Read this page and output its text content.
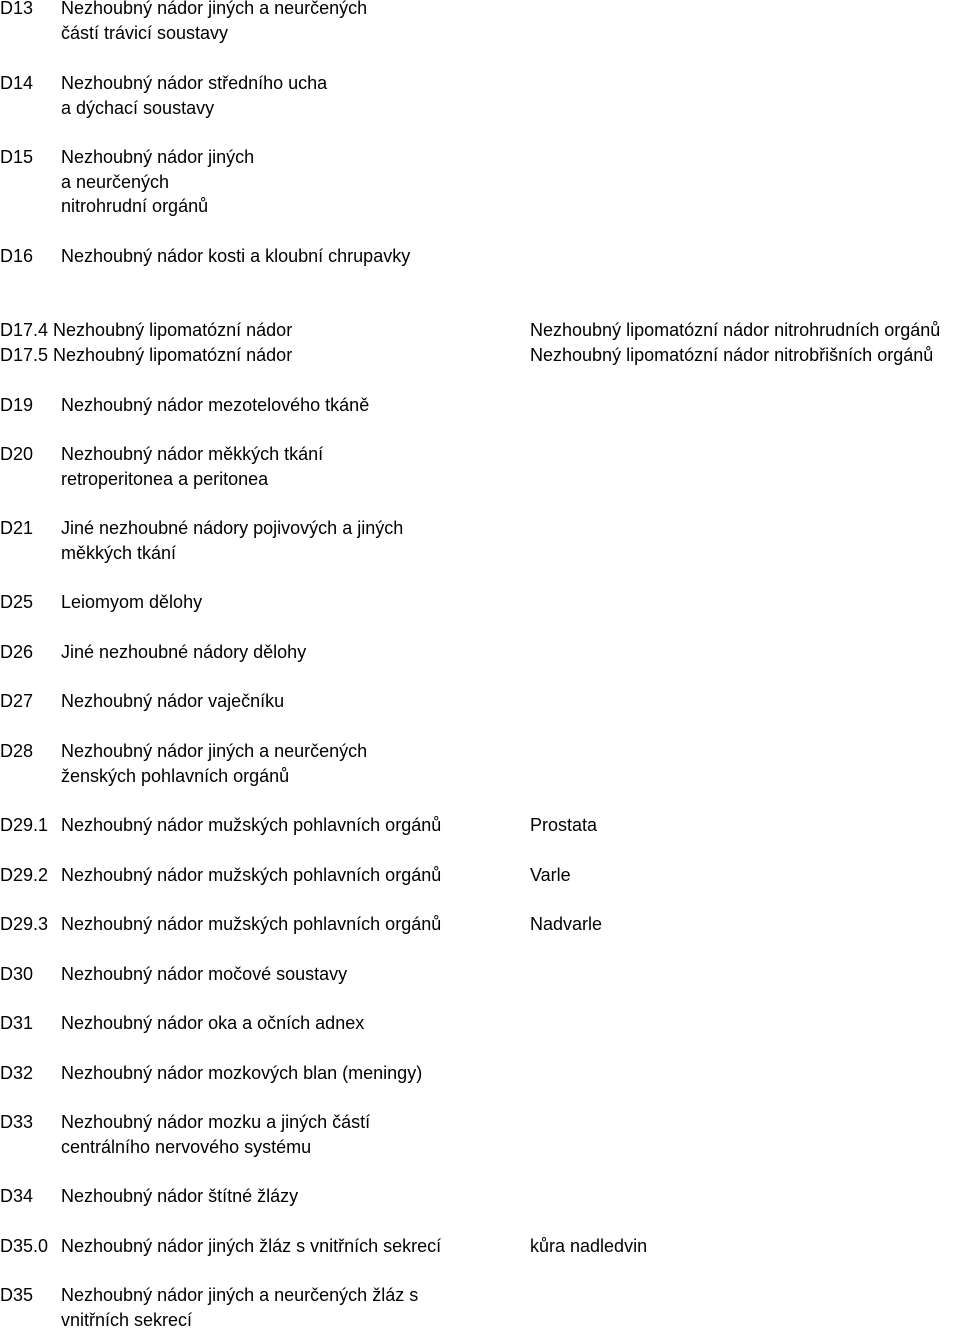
D13 Nezhoubný nádor jiných a neurčených
částí trávicí soustavy
D14 Nezhoubný nádor středního ucha
a dýchací soustavy
D15 Nezhoubný nádor jiných
a neurčených
nitrohrudní orgánů
D16 Nezhoubný nádor kosti a kloubní chrupavky
D17.4 Nezhoubný lipomatózní nádor	Nezhoubný lipomatózní nádor nitrohrudních orgánů
D17.5 Nezhoubný lipomatózní nádor	Nezhoubný lipomatózní nádor nitrobřišních orgánů
D19 Nezhoubný nádor mezotelového tkáně
D20 Nezhoubný nádor měkkých tkání
retroperitonea a peritonea
D21 Jiné nezhoubné nádory pojivových a jiných
měkkých tkání
D25 Leiomyom dělohy
D26 Jiné nezhoubné nádory dělohy
D27 Nezhoubný nádor vaječníku
D28 Nezhoubný nádor jiných a neurčených
ženských pohlavních orgánů
D29.1 Nezhoubný nádor mužských pohlavních orgánů	Prostata
D29.2 Nezhoubný nádor mužských pohlavních orgánů	Varle
D29.3 Nezhoubný nádor mužských pohlavních orgánů	Nadvarle
D30 Nezhoubný nádor močové soustavy
D31 Nezhoubný nádor oka a očních adnex
D32 Nezhoubný nádor mozkových blan (meningy)
D33 Nezhoubný nádor mozku a jiných částí
centrálního nervového systému
D34 Nezhoubný nádor štítné žlázy
D35.0 Nezhoubný nádor jiných žláz s vnitřních sekrecí	kůra nadledvin
D35 Nezhoubný nádor jiných a neurčených žláz s
vnitřních sekrecí
